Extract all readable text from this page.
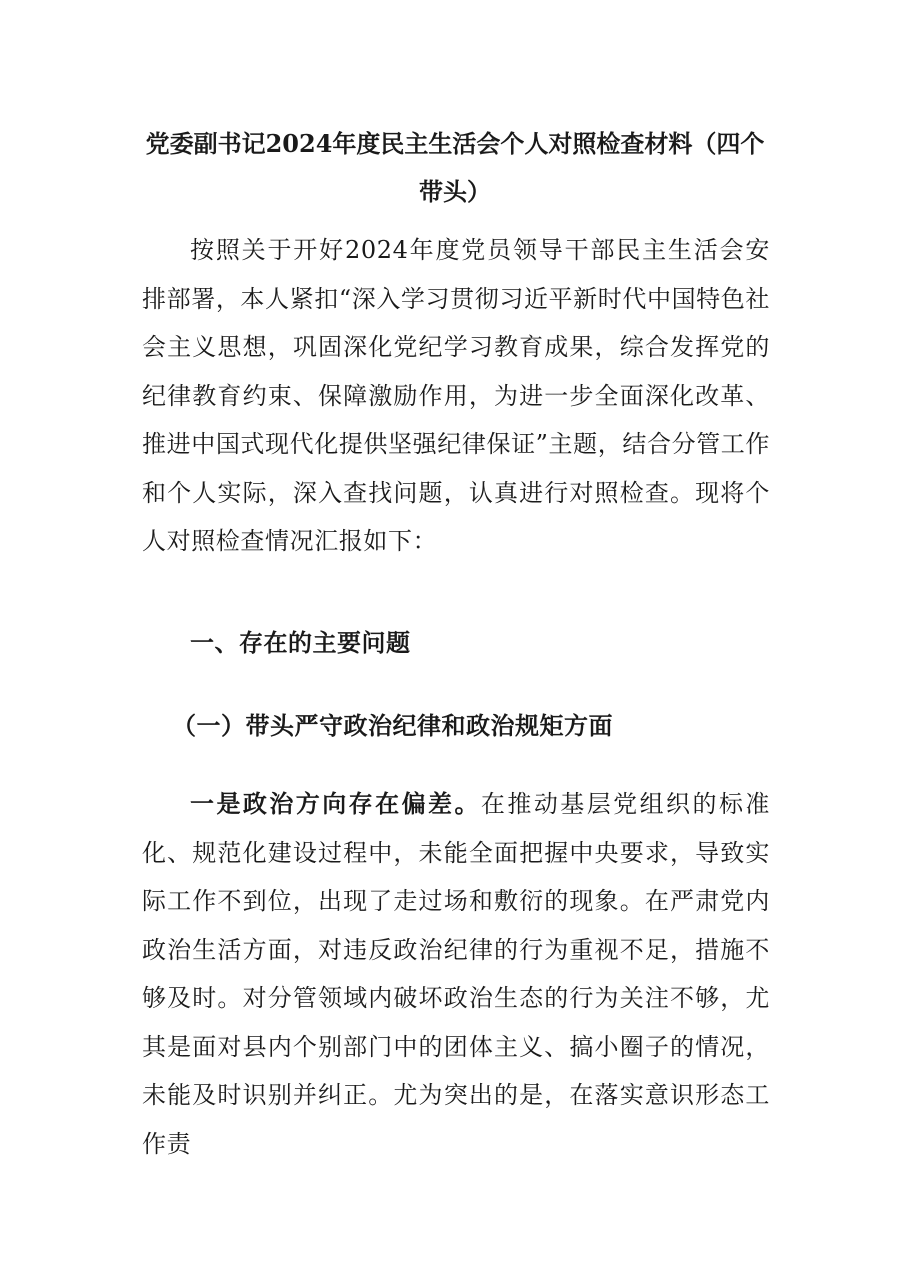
党委副书记2024年度民主生活会个人对照检查材料（四个带头）

按照关于开好2024年度党员领导干部民主生活会安排部署，本人紧扣“深入学习贯彻习近平新时代中国特色社会主义思想，巩固深化党纪学习教育成果，综合发挥党的纪律教育约束、保障激励作用，为进一步全面深化改革、推进中国式现代化提供坚强纪律保证”主题，结合分管工作和个人实际，深入查找问题，认真进行对照检查。现将个人对照检查情况汇报如下：

一、存在的主要问题
（一）带头严守政治纪律和政治规矩方面

一是政治方向存在偏差。在推动基层党组织的标准化、规范化建设过程中，未能全面把握中央要求，导致实际工作不到位，出现了走过场和敷衍的现象。在严肃党内政治生活方面，对违反政治纪律的行为重视不足，措施不够及时。对分管领域内破坏政治生态的行为关注不够，尤其是面对县内个别部门中的团体主义、搞小圈子的情况，未能及时识别并纠正。尤为突出的是，在落实意识形态工作责
